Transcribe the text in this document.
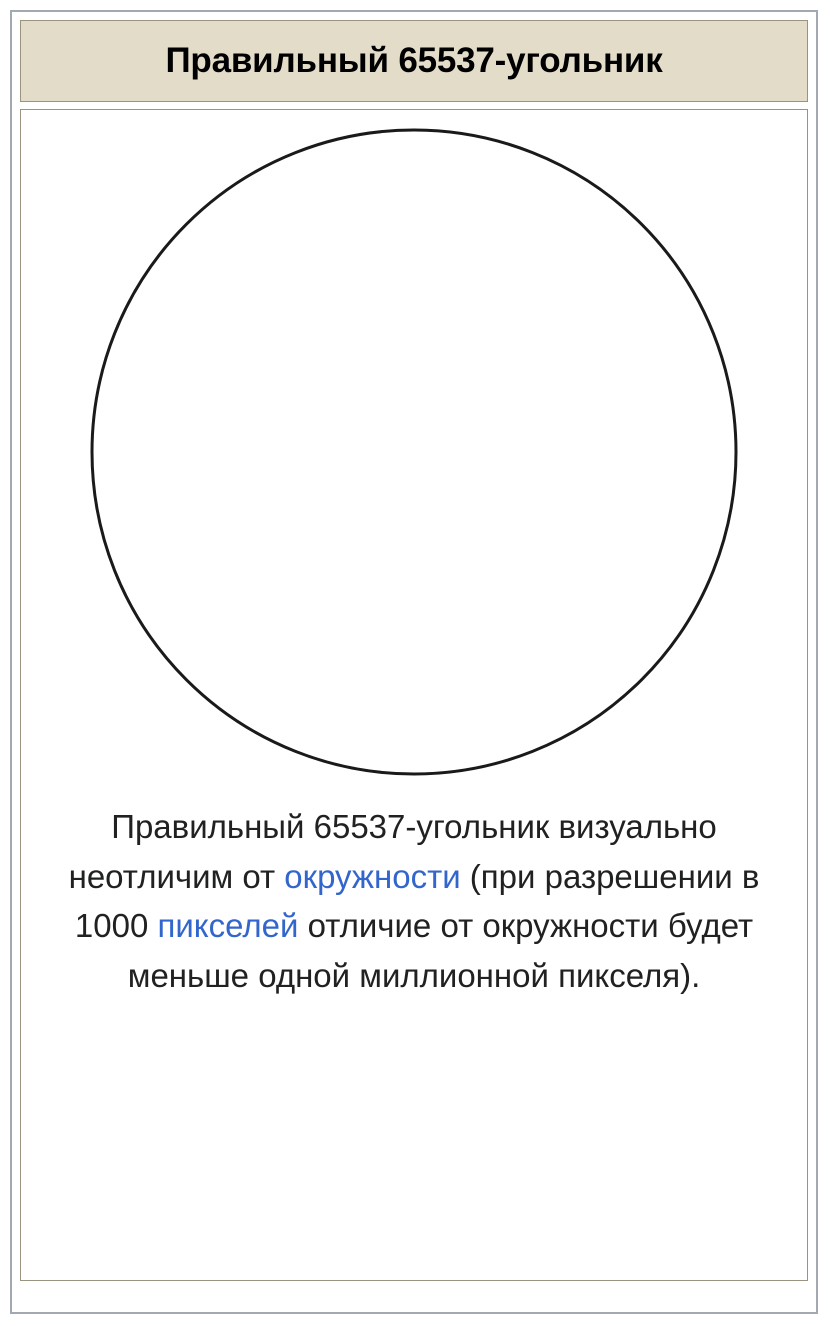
Правильный 65537-угольник
Правильный 65537-угольник визуально неотличим от окружности (при разрешении в 1000 пикселей отличие от окружности будет меньше одной миллионной пикселя).
